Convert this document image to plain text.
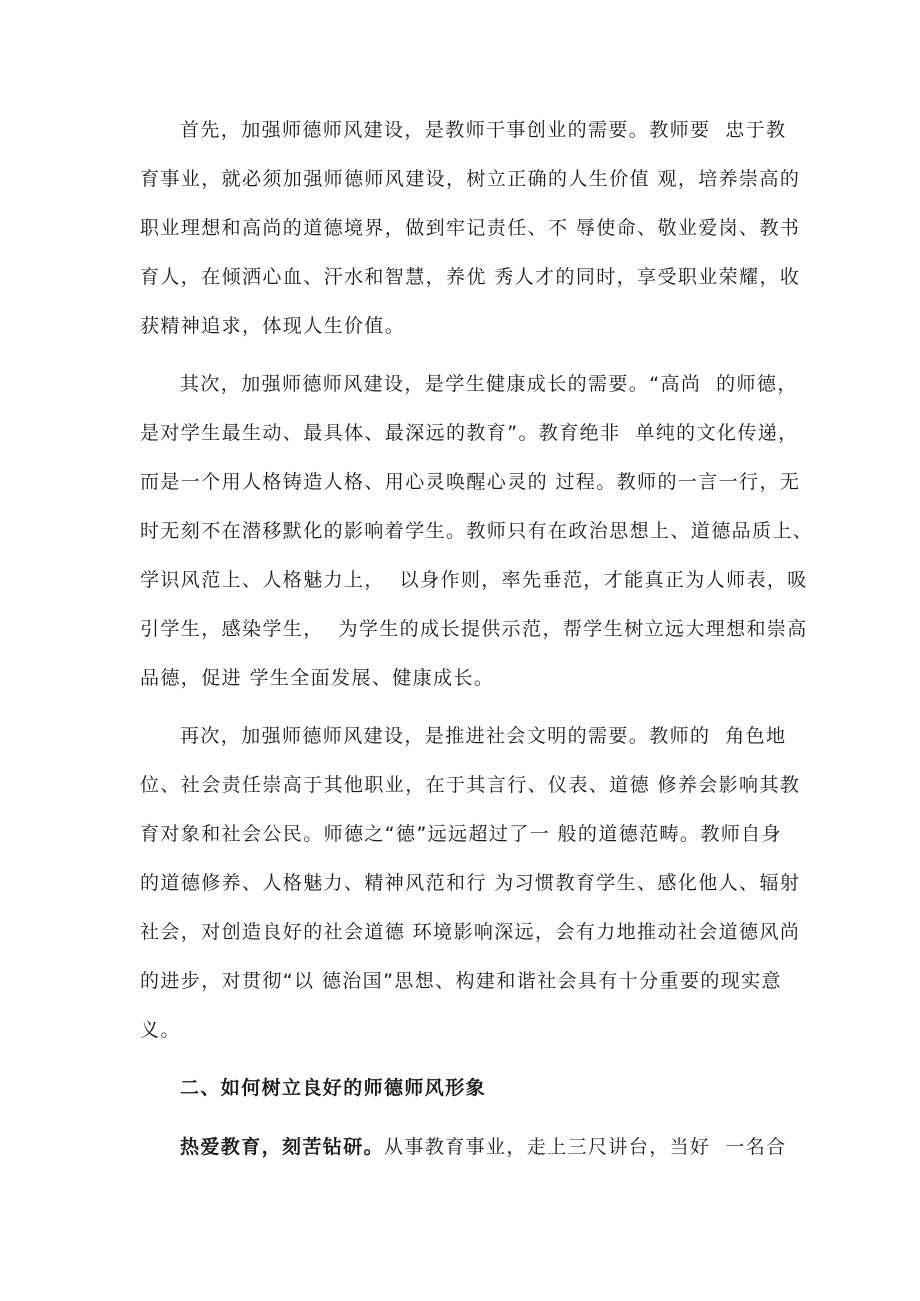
首先，加强师德师风建设，是教师干事创业的需要。教师要  忠于教
育事业，就必须加强师德师风建设，树立正确的人生价值 观，培养崇高的
职业理想和高尚的道德境界，做到牢记责任、不 辱使命、敬业爱岗、教书
育人，在倾洒心血、汗水和智慧，养优 秀人才的同时，享受职业荣耀，收
获精神追求，体现人生价值。
其次，加强师德师风建设，是学生健康成长的需要。“高尚  的师德，
是对学生最生动、最具体、最深远的教育”。教育绝非  单纯的文化传递，
而是一个用人格铸造人格、用心灵唤醒心灵的 过程。教师的一言一行，无
时无刻不在潜移默化的影响着学生。教师只有在政治思想上、道德品质上、
学识风范上、人格魅力上，  以身作则，率先垂范，才能真正为人师表，吸
引学生，感染学生，  为学生的成长提供示范，帮学生树立远大理想和崇高
品德，促进 学生全面发展、健康成长。
再次，加强师德师风建设，是推进社会文明的需要。教师的  角色地
位、社会责任崇高于其他职业，在于其言行、仪表、道德 修养会影响其教
育对象和社会公民。师德之“德”远远超过了一 般的道德范畴。教师自身
的道德修养、人格魅力、精神风范和行 为习惯教育学生、感化他人、辐射
社会，对创造良好的社会道德 环境影响深远，会有力地推动社会道德风尚
的进步，对贯彻“以 德治国”思想、构建和谐社会具有十分重要的现实意
义。
二、如何树立良好的师德师风形象
热爱教育，刻苦钻研。从事教育事业，走上三尺讲台，当好  一名合
